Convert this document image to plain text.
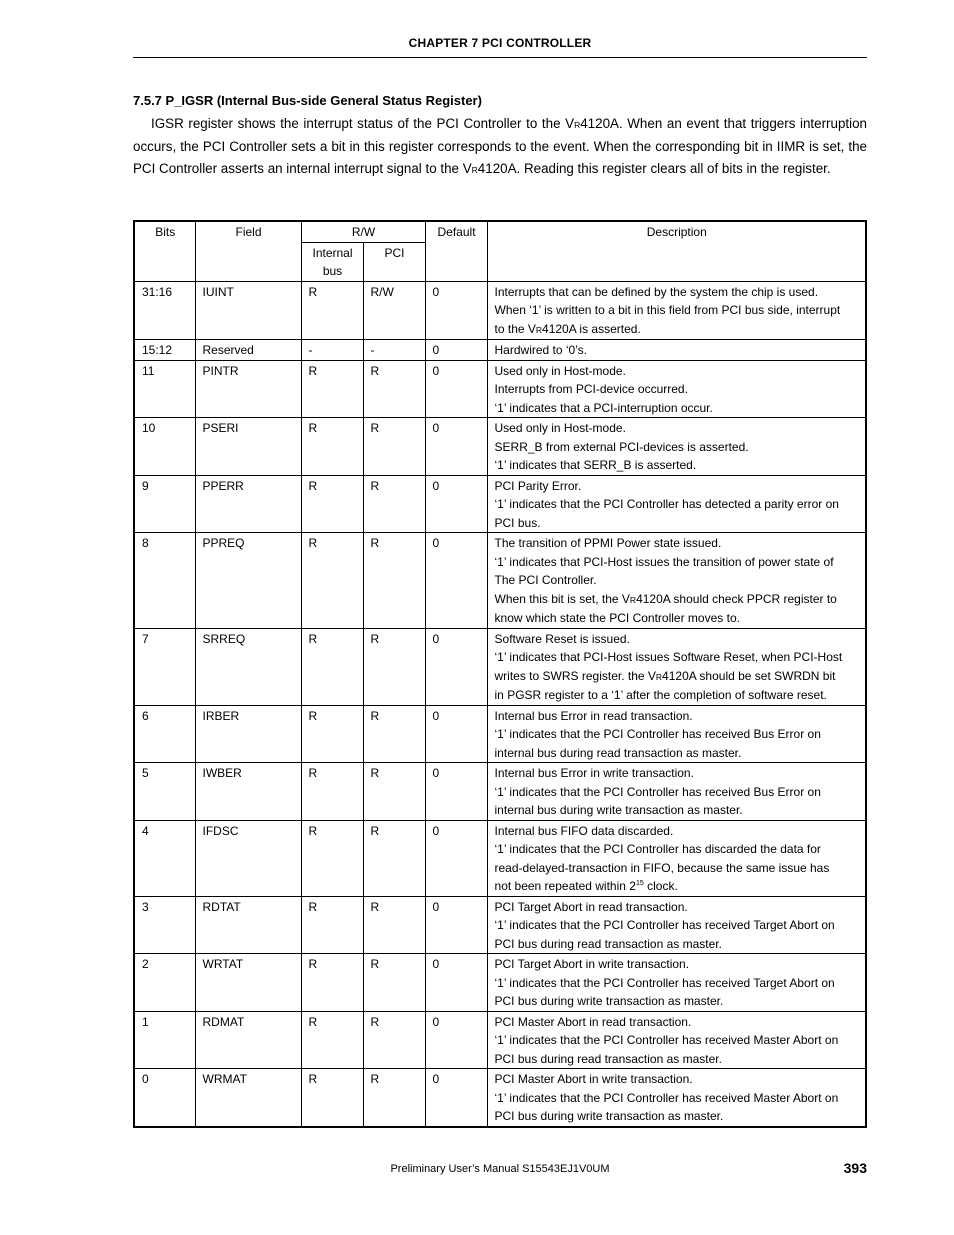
CHAPTER 7 PCI CONTROLLER
7.5.7 P_IGSR (Internal Bus-side General Status Register)

IGSR register shows the interrupt status of the PCI Controller to the VR4120A. When an event that triggers interruption occurs, the PCI Controller sets a bit in this register corresponds to the event. When the corresponding bit in IIMR is set, the PCI Controller asserts an internal interrupt signal to the VR4120A. Reading this register clears all of bits in the register.

Bits	Field	R/W		Default	Description
		Internal bus	PCI		
31:16	IUINT	R	R/W	0	Interrupts that can be defined by the system the chip is used.
When ‘1’ is written to a bit in this field from PCI bus side, interrupt
to the VR4120A is asserted.

15:12	Reserved	-	-	0	Hardwired to ‘0’s.

11	PINTR	R	R	0	Used only in Host-mode.
Interrupts from PCI-device occurred.
‘1’ indicates that a PCI-interruption occur.

10	PSERI	R	R	0	Used only in Host-mode.
SERR_B from external PCI-devices is asserted.
‘1’ indicates that SERR_B is asserted.

9	PPERR	R	R	0	PCI Parity Error.
‘1’ indicates that the PCI Controller has detected a parity error on
PCI bus.

8	PPREQ	R	R	0	The transition of PPMI Power state issued.
‘1’ indicates that PCI-Host issues the transition of power state of
The PCI Controller.
When this bit is set, the VR4120A should check PPCR register to
know which state the PCI Controller moves to.

7	SRREQ	R	R	0	Software Reset is issued.
‘1’ indicates that PCI-Host issues Software Reset, when PCI-Host
writes to SWRS register. the VR4120A should be set SWRDN bit
in PGSR register to a ‘1’ after the completion of software reset.

6	IRBER	R	R	0	Internal bus Error in read transaction.
‘1’ indicates that the PCI Controller has received Bus Error on
internal bus during read transaction as master.

5	IWBER	R	R	0	Internal bus Error in write transaction.
‘1’ indicates that the PCI Controller has received Bus Error on
internal bus during write transaction as master.

4	IFDSC	R	R	0	Internal bus FIFO data discarded.
‘1’ indicates that the PCI Controller has discarded the data for
read-delayed-transaction in FIFO, because the same issue has
not been repeated within $2^{15}$ clock.

3	RDTAT	R	R	0	PCI Target Abort in read transaction.
‘1’ indicates that the PCI Controller has received Target Abort on
PCI bus during read transaction as master.

2	WRTAT	R	R	0	PCI Target Abort in write transaction.
‘1’ indicates that the PCI Controller has received Target Abort on
PCI bus during write transaction as master.

1	RDMAT	R	R	0	PCI Master Abort in read transaction.
‘1’ indicates that the PCI Controller has received Master Abort on
PCI bus during read transaction as master.

0	WRMAT	R	R	0	PCI Master Abort in write transaction.
‘1’ indicates that the PCI Controller has received Master Abort on
PCI bus during write transaction as master.
Preliminary User’s Manual S15543EJ1V0UM	393
